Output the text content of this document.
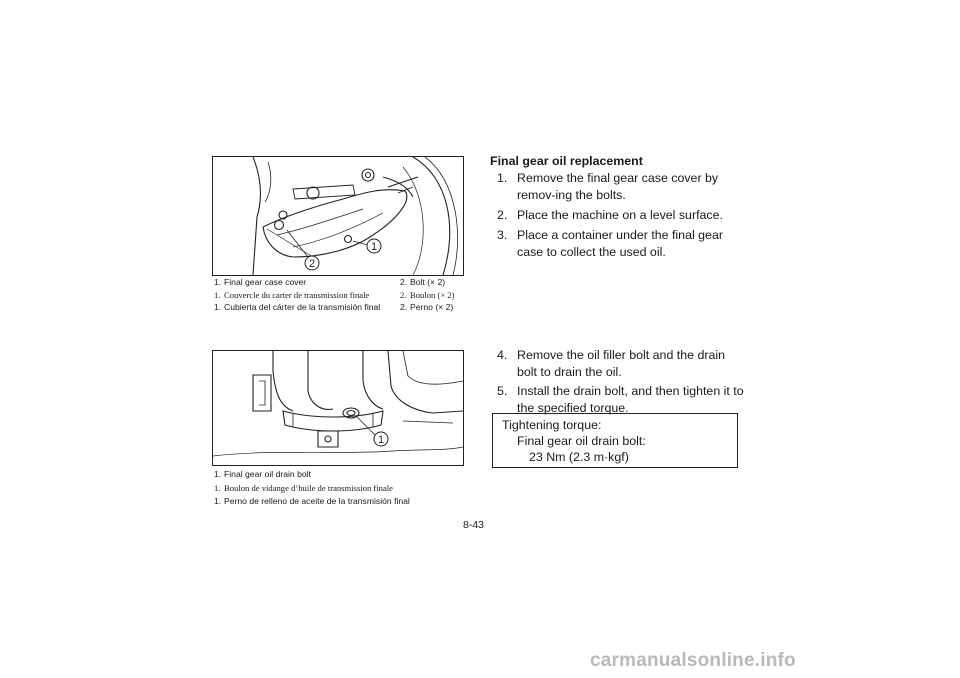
1
2
1. Final gear case cover	2. Bolt (× 2)
1. Couvercle du carter de transmission finale	2. Boulon (× 2)
1. Cubierta del cárter de la transmisión final 2. Perno (× 2)
1
1. Final gear oil drain bolt
1. Boulon de vidange d’huile de transmission finale
1. Perno de relleno de aceite de la transmisión final
Final gear oil replacement
1. Remove the final gear case cover by remov-ing the bolts.
2. Place the machine on a level surface.
3. Place a container under the final gear case to collect the used oil.
4. Remove the oil filler bolt and the drain bolt to drain the oil.
5. Install the drain bolt, and then tighten it to the specified torque.
Tightening torque:
Final gear oil drain bolt:
23 Nm (2.3 m·kgf)
8-43
carmanualsonline.info
